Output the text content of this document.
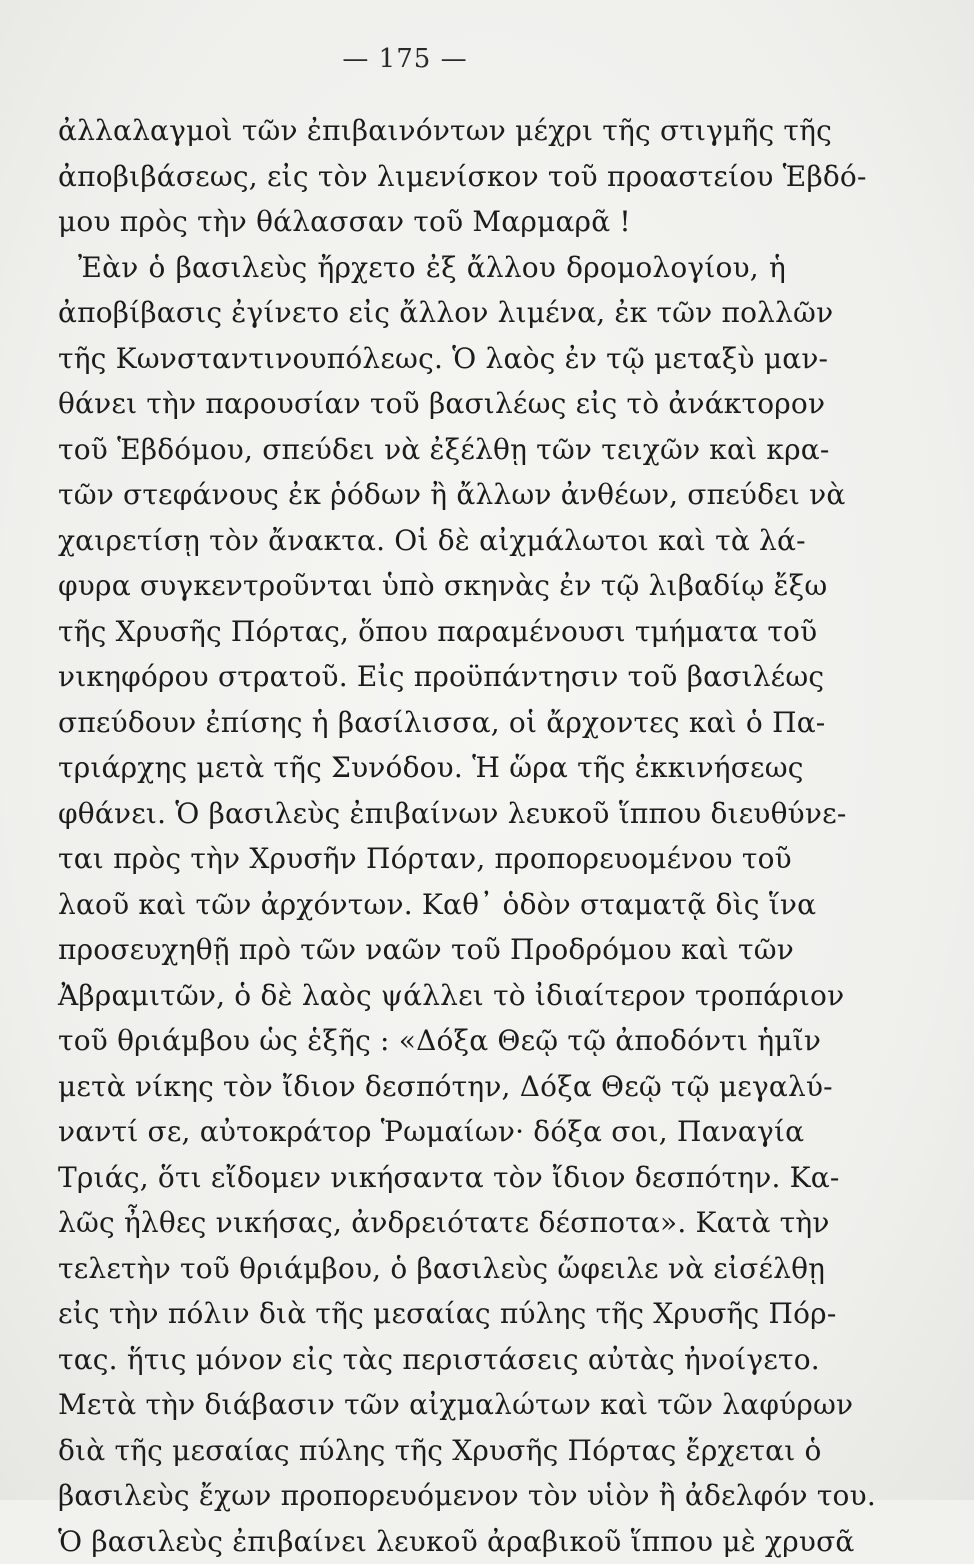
— 175 —
ἀλλαλαγμοὶ τῶν ἐπιβαινόντων μέχρι τῆς στιγμῆς τῆς
ἀποβιβάσεως, εἰς τὸν λιμενίσκον τοῦ προαστείου Ἑβδό-
μου πρὸς τὴν θάλασσαν τοῦ Μαρμαρᾶ !
Ἐὰν ὁ βασιλεὺς ἤρχετο ἐξ ἄλλου δρομολογίου, ἡ
ἀποβίβασις ἐγίνετο εἰς ἄλλον λιμένα, ἐκ τῶν πολλῶν
τῆς Κωνσταντινουπόλεως. Ὁ λαὸς ἐν τῷ μεταξὺ μαν-
θάνει τὴν παρουσίαν τοῦ βασιλέως εἰς τὸ ἀνάκτορον
τοῦ Ἑβδόμου, σπεύδει νὰ ἐξέλθῃ τῶν τειχῶν καὶ κρα-
τῶν στεφάνους ἐκ ῥόδων ἢ ἄλλων ἀνθέων, σπεύδει νὰ
χαιρετίσῃ τὸν ἄνακτα. Οἱ δὲ αἰχμάλωτοι καὶ τὰ λά-
φυρα συγκεντροῦνται ὑπὸ σκηνὰς ἐν τῷ λιβαδίῳ ἔξω
τῆς Χρυσῆς Πόρτας, ὅπου παραμένουσι τμήματα τοῦ
νικηφόρου στρατοῦ. Εἰς προϋπάντησιν τοῦ βασιλέως
σπεύδουν ἐπίσης ἡ βασίλισσα, οἱ ἄρχοντες καὶ ὁ Πα-
τριάρχης μετὰ τῆς Συνόδου. Ἡ ὥρα τῆς ἐκκινήσεως
φθάνει. Ὁ βασιλεὺς ἐπιβαίνων λευκοῦ ἵππου διευθύνε-
ται πρὸς τὴν Χρυσῆν Πόρταν, προπορευομένου τοῦ
λαοῦ καὶ τῶν ἀρχόντων. Καθ᾽ ὁδὸν σταματᾷ δὶς ἵνα
προσευχηθῇ πρὸ τῶν ναῶν τοῦ Προδρόμου καὶ τῶν
Ἀβραμιτῶν, ὁ δὲ λαὸς ψάλλει τὸ ἰδιαίτερον τροπάριον
τοῦ θριάμβου ὡς ἑξῆς : «Δόξα Θεῷ τῷ ἀποδόντι ἡμῖν
μετὰ νίκης τὸν ἴδιον δεσπότην, Δόξα Θεῷ τῷ μεγαλύ-
ναντί σε, αὐτοκράτορ Ῥωμαίων· δόξα σοι, Παναγία
Τριάς, ὅτι εἴδομεν νικήσαντα τὸν ἴδιον δεσπότην. Κα-
λῶς ἦλθες νικήσας, ἀνδρειότατε δέσποτα». Κατὰ τὴν
τελετὴν τοῦ θριάμβου, ὁ βασιλεὺς ὤφειλε νὰ εἰσέλθῃ
εἰς τὴν πόλιν διὰ τῆς μεσαίας πύλης τῆς Χρυσῆς Πόρ-
τας. ἥτις μόνον εἰς τὰς περιστάσεις αὐτὰς ἠνοίγετο.
Μετὰ τὴν διάβασιν τῶν αἰχμαλώτων καὶ τῶν λαφύρων
διὰ τῆς μεσαίας πύλης τῆς Χρυσῆς Πόρτας ἔρχεται ὁ
βασιλεὺς ἔχων προπορευόμενον τὸν υἱὸν ἢ ἀδελφόν του.
Ὁ βασιλεὺς ἐπιβαίνει λευκοῦ ἀραβικοῦ ἵππου μὲ χρυσᾶ
